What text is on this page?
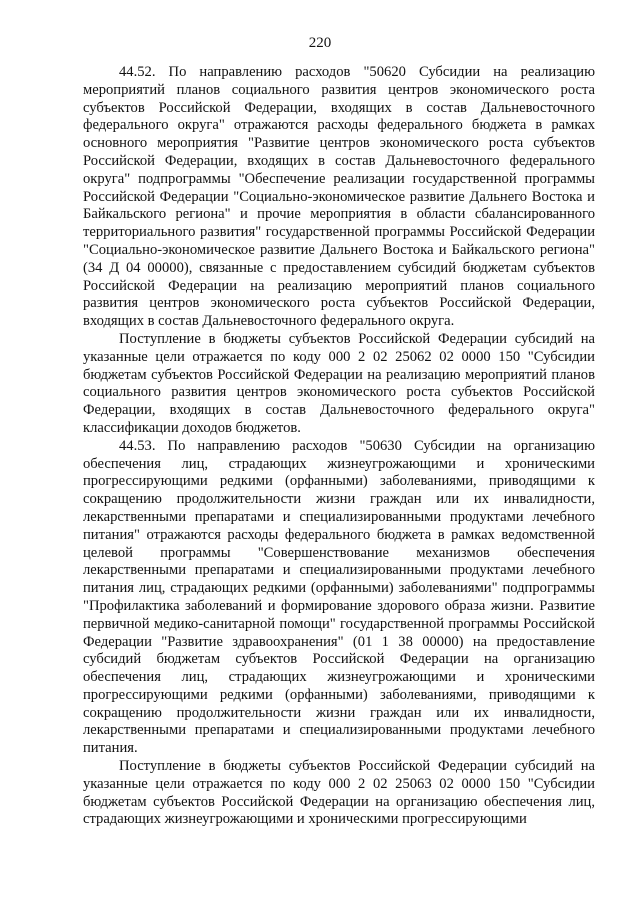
220

44.52. По направлению расходов "50620 Субсидии на реализацию мероприятий планов социального развития центров экономического роста субъектов Российской Федерации, входящих в состав Дальневосточного федерального округа" отражаются расходы федерального бюджета в рамках основного мероприятия "Развитие центров экономического роста субъектов Российской Федерации, входящих в состав Дальневосточного федерального округа" подпрограммы "Обеспечение реализации государственной программы Российской Федерации "Социально-экономическое развитие Дальнего Востока и Байкальского региона" и прочие мероприятия в области сбалансированного территориального развития" государственной программы Российской Федерации "Социально-экономическое развитие Дальнего Востока и Байкальского региона" (34 Д 04 00000), связанные с предоставлением субсидий бюджетам субъектов Российской Федерации на реализацию мероприятий планов социального развития центров экономического роста субъектов Российской Федерации, входящих в состав Дальневосточного федерального округа.

Поступление в бюджеты субъектов Российской Федерации субсидий на указанные цели отражается по коду 000 2 02 25062 02 0000 150 "Субсидии бюджетам субъектов Российской Федерации на реализацию мероприятий планов социального развития центров экономического роста субъектов Российской Федерации, входящих в состав Дальневосточного федерального округа" классификации доходов бюджетов.

44.53. По направлению расходов "50630 Субсидии на организацию обеспечения лиц, страдающих жизнеугрожающими и хроническими прогрессирующими редкими (орфанными) заболеваниями, приводящими к сокращению продолжительности жизни граждан или их инвалидности, лекарственными препаратами и специализированными продуктами лечебного питания" отражаются расходы федерального бюджета в рамках ведомственной целевой программы "Совершенствование механизмов обеспечения лекарственными препаратами и специализированными продуктами лечебного питания лиц, страдающих редкими (орфанными) заболеваниями" подпрограммы "Профилактика заболеваний и формирование здорового образа жизни. Развитие первичной медико-санитарной помощи" государственной программы Российской Федерации "Развитие здравоохранения" (01 1 38 00000) на предоставление субсидий бюджетам субъектов Российской Федерации на организацию обеспечения лиц, страдающих жизнеугрожающими и хроническими прогрессирующими редкими (орфанными) заболеваниями, приводящими к сокращению продолжительности жизни граждан или их инвалидности, лекарственными препаратами и специализированными продуктами лечебного питания.

Поступление в бюджеты субъектов Российской Федерации субсидий на указанные цели отражается по коду 000 2 02 25063 02 0000 150 "Субсидии бюджетам субъектов Российской Федерации на организацию обеспечения лиц, страдающих жизнеугрожающими и хроническими прогрессирующими
